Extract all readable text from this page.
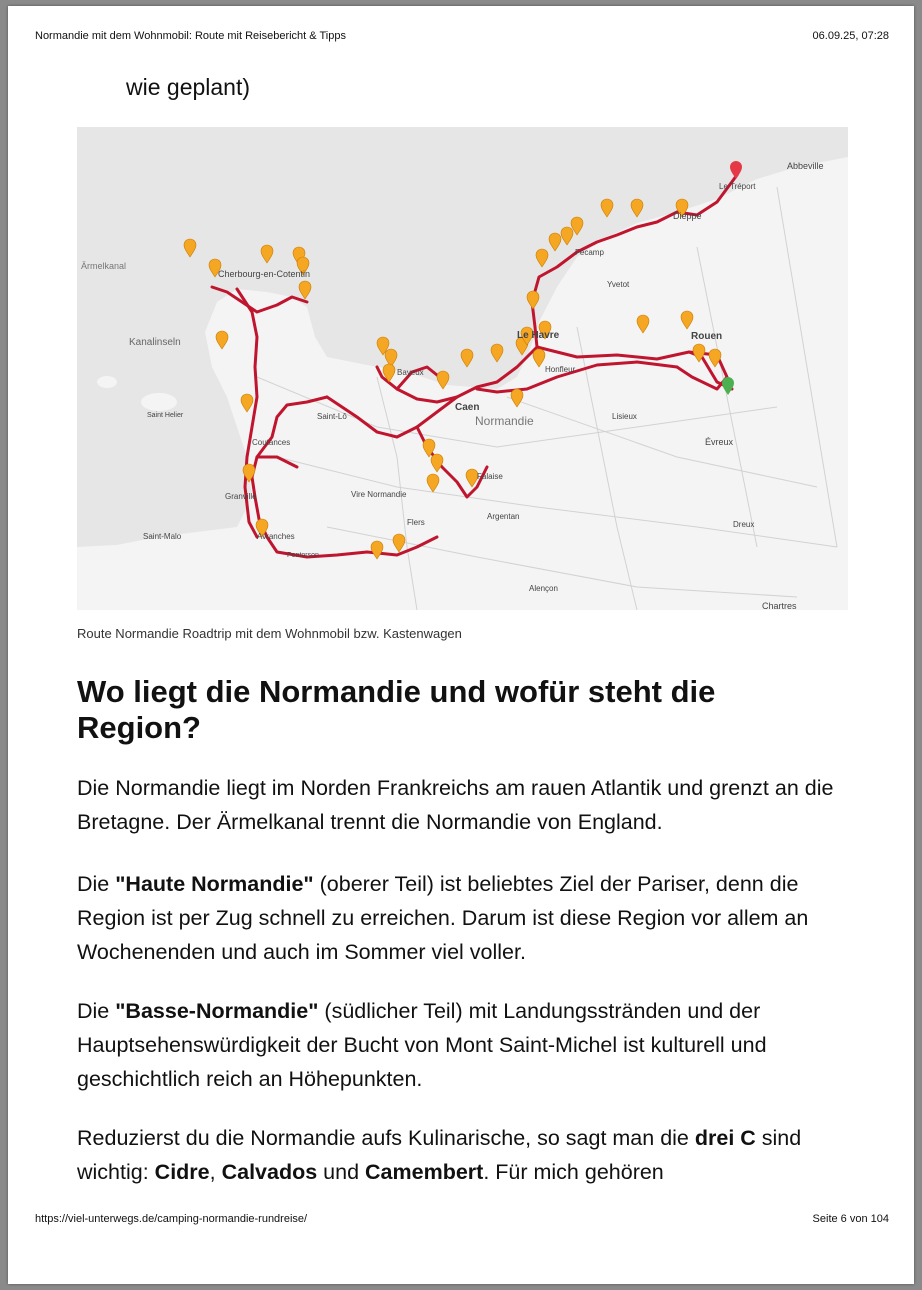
Normandie mit dem Wohnmobil: Route mit Reisebericht & Tipps	06.09.25, 07:28
wie geplant)
Cherbourg-en-Cotentin
Le Havre	Rouen
Caen
Dieppe
Abbeville
Évreux
Saint-Malo
Alençon
Kanalinseln
Chartres
Saint-Lô
Granville
Lisieux
Fécamp
Bayeux
Dreux
Falaise
Vire Normandie
Flers
Argentan
Coutances
Avranches
Normandie
Ärmelkanal
Saint Helier
Pontorson
Honfleur
Yvetot
Le Tréport
Route Normandie Roadtrip mit dem Wohnmobil bzw. Kastenwagen
Wo liegt die Normandie und wofür steht die Region?

Die Normandie liegt im Norden Frankreichs am rauen Atlantik und grenzt an die Bretagne. Der Ärmelkanal trennt die Normandie von England.

Die "Haute Normandie" (oberer Teil) ist beliebtes Ziel der Pariser, denn die Region ist per Zug schnell zu erreichen. Darum ist diese Region vor allem an Wochenenden und auch im Sommer viel voller.

Die "Basse-Normandie" (südlicher Teil) mit Landungsstränden und der Hauptsehenswürdigkeit der Bucht von Mont Saint-Michel ist kulturell und geschichtlich reich an Höhepunkten.

Reduzierst du die Normandie aufs Kulinarische, so sagt man die drei C sind wichtig: Cidre, Calvados und Camembert. Für mich gehören

https://viel-unterwegs.de/camping-normandie-rundreise/	Seite 6 von 104
